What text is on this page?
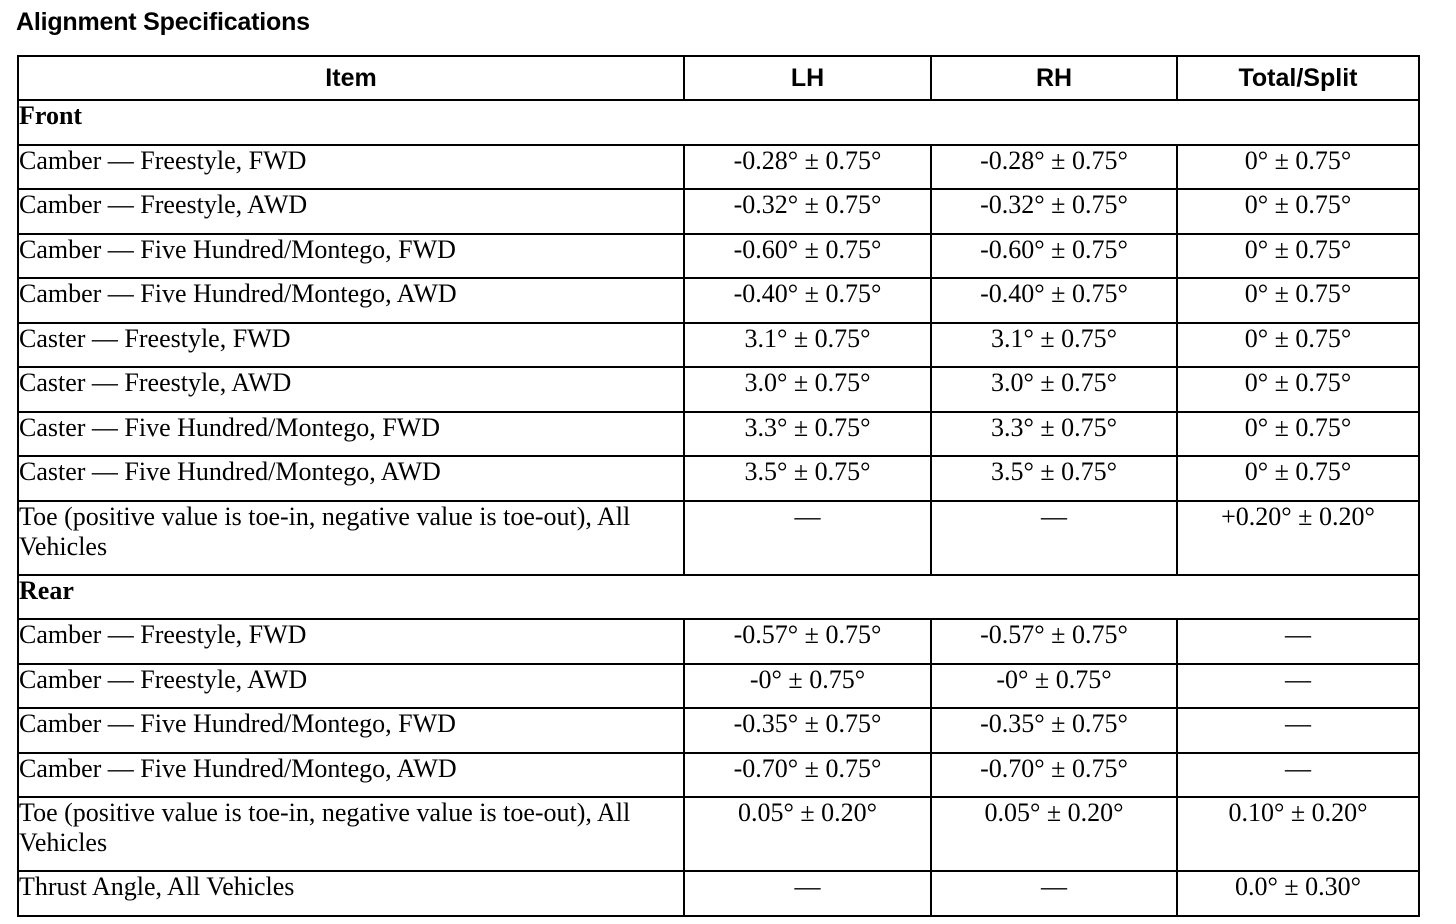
Alignment Specifications
Item	LH	RH	Total/Split
Front			
Camber — Freestyle, FWD	-0.28° ± 0.75°	-0.28° ± 0.75°	0° ± 0.75°
Camber — Freestyle, AWD	-0.32° ± 0.75°	-0.32° ± 0.75°	0° ± 0.75°
Camber — Five Hundred/Montego, FWD	-0.60° ± 0.75°	-0.60° ± 0.75°	0° ± 0.75°
Camber — Five Hundred/Montego, AWD	-0.40° ± 0.75°	-0.40° ± 0.75°	0° ± 0.75°
Caster — Freestyle, FWD	3.1° ± 0.75°	3.1° ± 0.75°	0° ± 0.75°
Caster — Freestyle, AWD	3.0° ± 0.75°	3.0° ± 0.75°	0° ± 0.75°
Caster — Five Hundred/Montego, FWD	3.3° ± 0.75°	3.3° ± 0.75°	0° ± 0.75°
Caster — Five Hundred/Montego, AWD	3.5° ± 0.75°	3.5° ± 0.75°	0° ± 0.75°
Toe (positive value is toe-in, negative value is toe-out), All Vehicles	—	—	+0.20° ± 0.20°
Rear			
Camber — Freestyle, FWD	-0.57° ± 0.75°	-0.57° ± 0.75°	—
Camber — Freestyle, AWD	-0° ± 0.75°	-0° ± 0.75°	—
Camber — Five Hundred/Montego, FWD	-0.35° ± 0.75°	-0.35° ± 0.75°	—
Camber — Five Hundred/Montego, AWD	-0.70° ± 0.75°	-0.70° ± 0.75°	—
Toe (positive value is toe-in, negative value is toe-out), All Vehicles	0.05° ± 0.20°	0.05° ± 0.20°	0.10° ± 0.20°
Thrust Angle, All Vehicles	—	—	0.0° ± 0.30°
